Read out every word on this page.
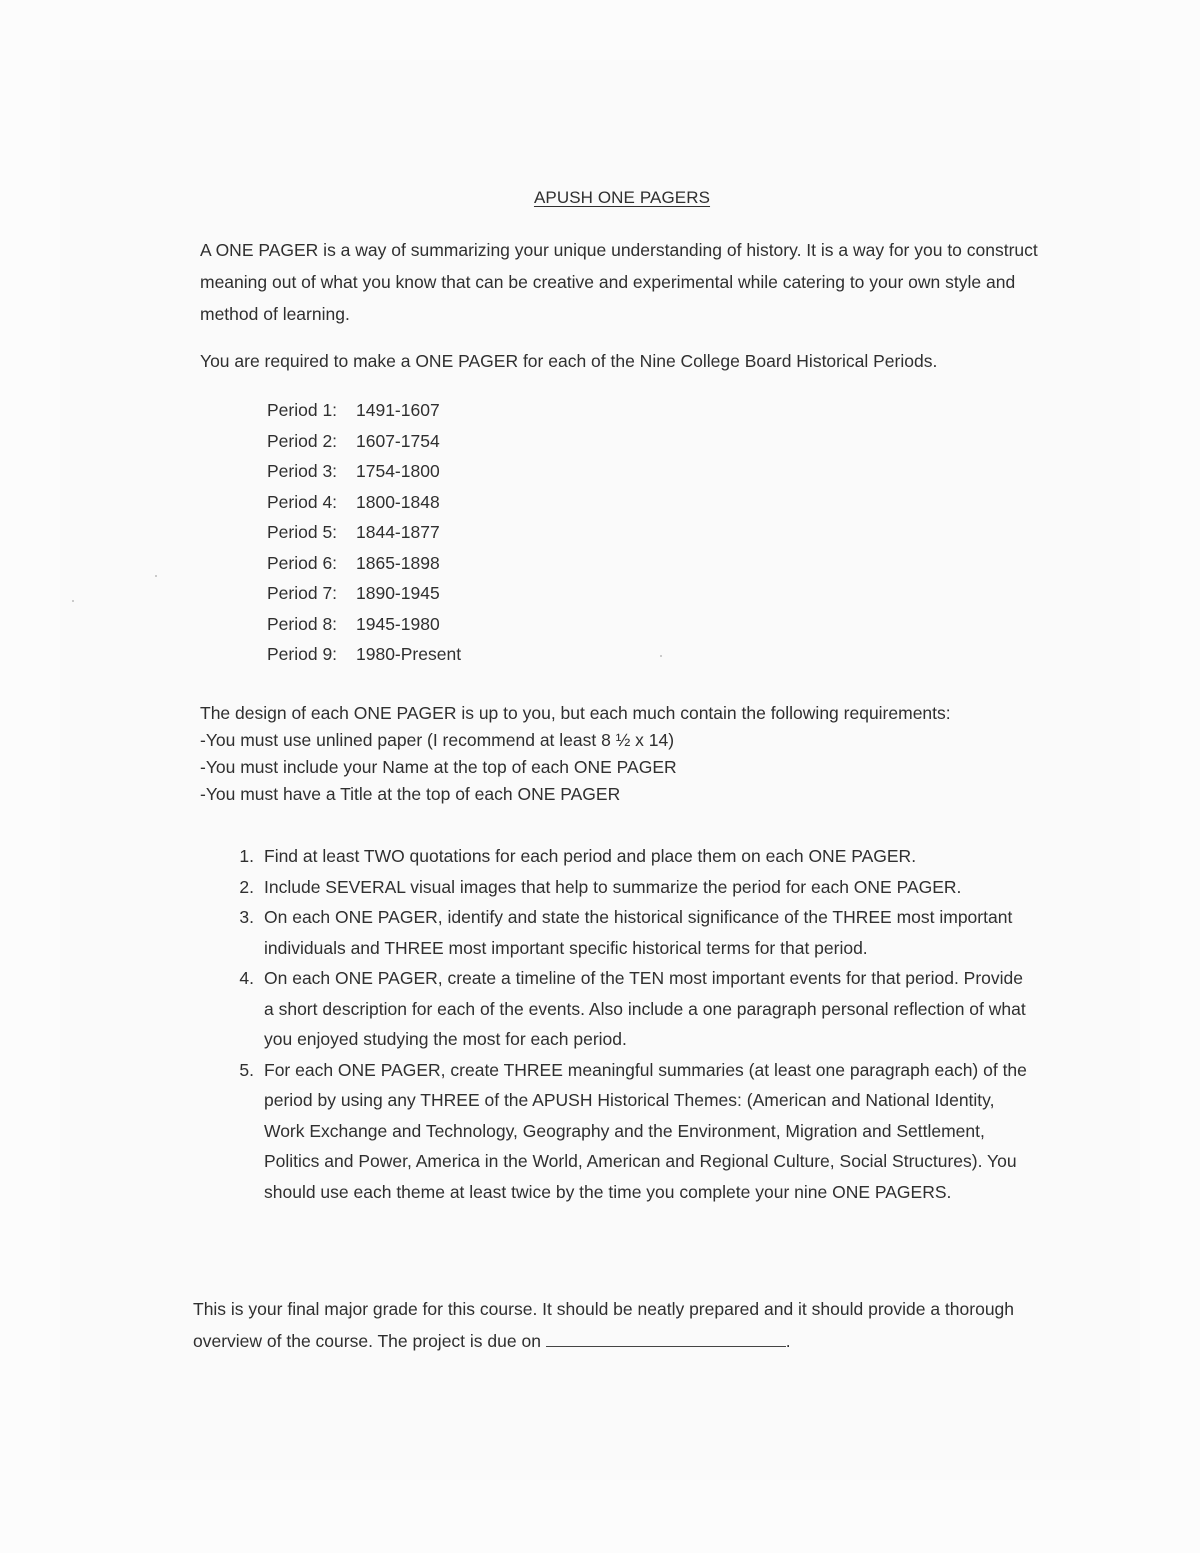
APUSH ONE PAGERS

A ONE PAGER is a way of summarizing your unique understanding of history. It is a way for you to construct meaning out of what you know that can be creative and experimental while catering to your own style and method of learning.

You are required to make a ONE PAGER for each of the Nine College Board Historical Periods.

Period 1: 1491-1607
Period 2: 1607-1754
Period 3: 1754-1800
Period 4: 1800-1848
Period 5: 1844-1877
Period 6: 1865-1898
Period 7: 1890-1945
Period 8: 1945-1980
Period 9: 1980-Present
The design of each ONE PAGER is up to you, but each much contain the following requirements:
-You must use unlined paper (I recommend at least 8 ½ x 14)
-You must include your Name at the top of each ONE PAGER
-You must have a Title at the top of each ONE PAGER
1. Find at least TWO quotations for each period and place them on each ONE PAGER.
2. Include SEVERAL visual images that help to summarize the period for each ONE PAGER.
3. On each ONE PAGER, identify and state the historical significance of the THREE most important individuals and THREE most important specific historical terms for that period.
4. On each ONE PAGER, create a timeline of the TEN most important events for that period. Provide a short description for each of the events. Also include a one paragraph personal reflection of what you enjoyed studying the most for each period.
5. For each ONE PAGER, create THREE meaningful summaries (at least one paragraph each) of the period by using any THREE of the APUSH Historical Themes: (American and National Identity, Work Exchange and Technology, Geography and the Environment, Migration and Settlement, Politics and Power, America in the World, American and Regional Culture, Social Structures). You should use each theme at least twice by the time you complete your nine ONE PAGERS.

This is your final major grade for this course. It should be neatly prepared and it should provide a thorough overview of the course. The project is due on	.
